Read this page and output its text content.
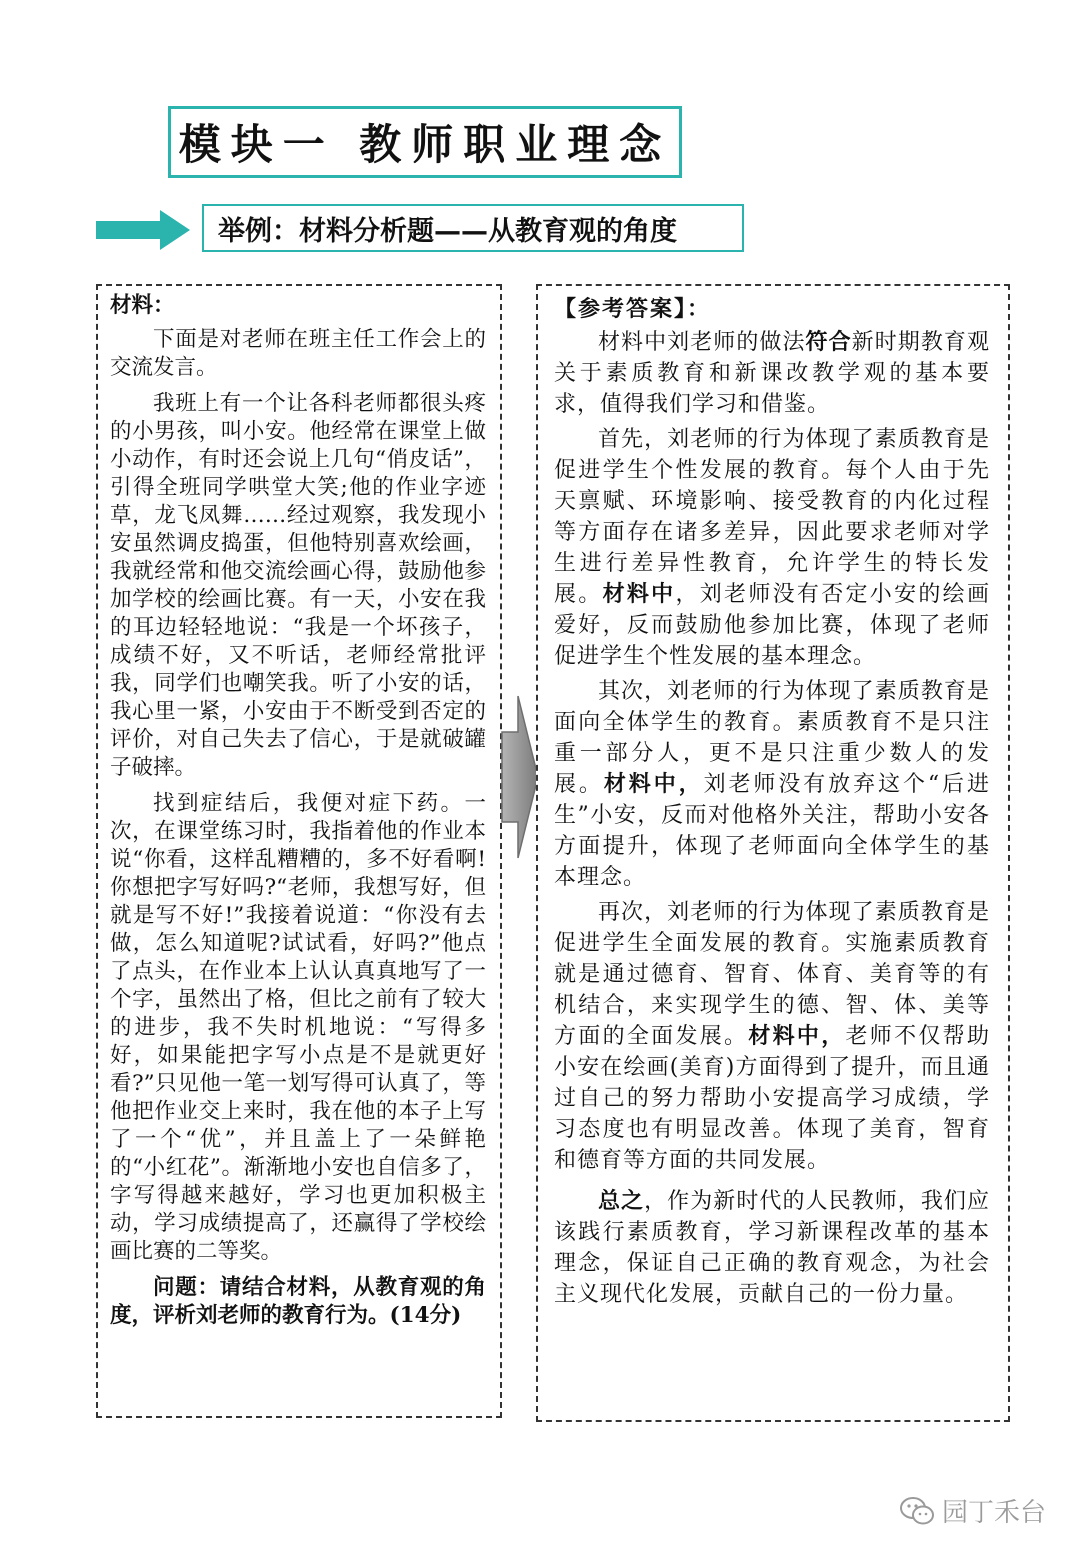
模块一 教师职业理念
举例：材料分析题——从教育观的角度

材料：

下面是对老师在班主任工作会上的交流发言。

我班上有一个让各科老师都很头疼的小男孩，叫小安。他经常在课堂上做小动作，有时还会说上几句“俏皮话”，引得全班同学哄堂大笑;他的作业字迹草，龙飞凤舞……经过观察，我发现小安虽然调皮捣蛋，但他特别喜欢绘画，我就经常和他交流绘画心得，鼓励他参加学校的绘画比赛。有一天，小安在我的耳边轻轻地说：“我是一个坏孩子，成绩不好，又不听话，老师经常批评我，同学们也嘲笑我。听了小安的话，我心里一紧，小安由于不断受到否定的评价，对自己失去了信心，于是就破罐子破摔。

找到症结后，我便对症下药。一次，在课堂练习时，我指着他的作业本说“你看，这样乱糟糟的，多不好看啊!你想把字写好吗?“老师，我想写好，但就是写不好!”我接着说道：“你没有去做，怎么知道呢?试试看，好吗?”他点了点头，在作业本上认认真真地写了一个字，虽然出了格，但比之前有了较大的进步，我不失时机地说：“写得多好，如果能把字写小点是不是就更好看?”只见他一笔一划写得可认真了，等他把作业交上来时，我在他的本子上写了一个“优”，并且盖上了一朵鲜艳的“小红花”。渐渐地小安也自信多了，字写得越来越好，学习也更加积极主动，学习成绩提高了，还赢得了学校绘画比赛的二等奖。

问题：请结合材料，从教育观的角度，评析刘老师的教育行为。(14分)

【参考答案】：

材料中刘老师的做法符合新时期教育观关于素质教育和新课改教学观的基本要求，值得我们学习和借鉴。

首先，刘老师的行为体现了素质教育是促进学生个性发展的教育。每个人由于先天禀赋、环境影响、接受教育的内化过程等方面存在诸多差异，因此要求老师对学生进行差异性教育，允许学生的特长发展。材料中，刘老师没有否定小安的绘画爱好，反而鼓励他参加比赛，体现了老师促进学生个性发展的基本理念。

其次，刘老师的行为体现了素质教育是面向全体学生的教育。素质教育不是只注重一部分人，更不是只注重少数人的发展。材料中，刘老师没有放弃这个“后进生”小安，反而对他格外关注，帮助小安各方面提升，体现了老师面向全体学生的基本理念。

再次，刘老师的行为体现了素质教育是促进学生全面发展的教育。实施素质教育就是通过德育、智育、体育、美育等的有机结合，来实现学生的德、智、体、美等方面的全面发展。材料中，老师不仅帮助小安在绘画(美育)方面得到了提升，而且通过自己的努力帮助小安提高学习成绩，学习态度也有明显改善。体现了美育，智育和德育等方面的共同发展。

总之，作为新时代的人民教师，我们应该践行素质教育，学习新课程改革的基本理念，保证自己正确的教育观念，为社会主义现代化发展，贡献自己的一份力量。

园丁禾台
